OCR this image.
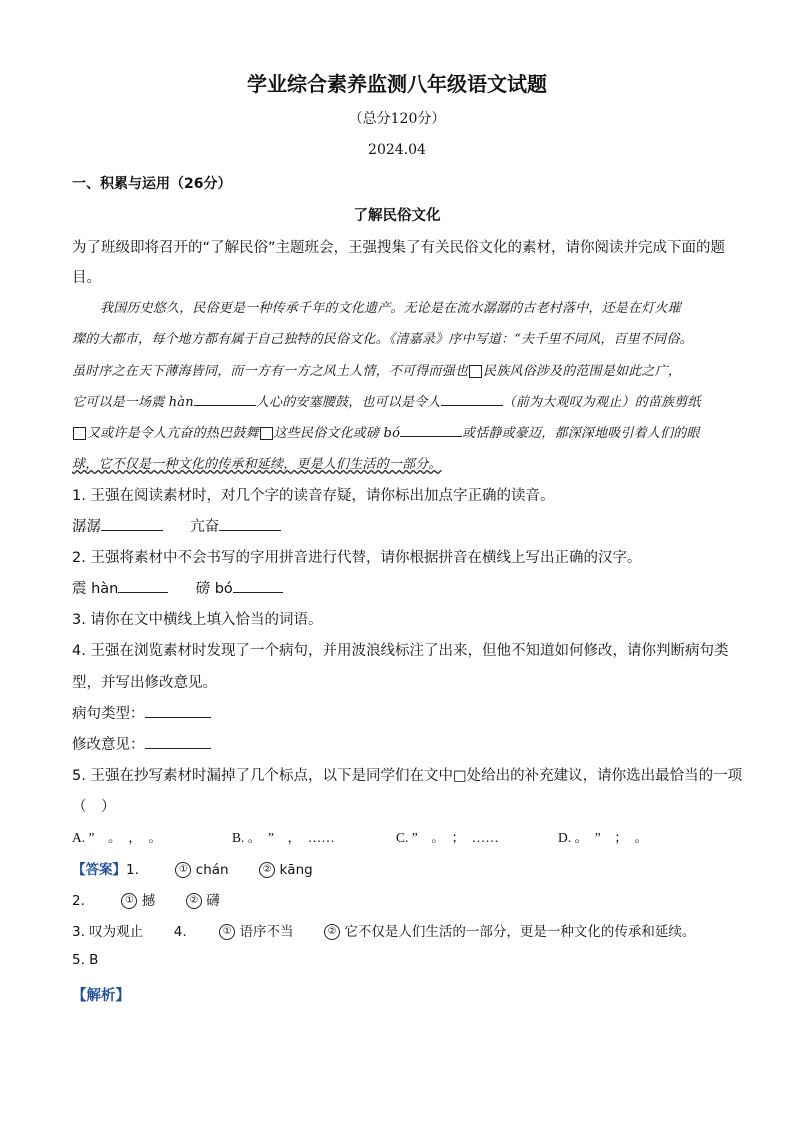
学业综合素养监测八年级语文试题
（总分120分）
2024.04
一、积累与运用（26分）
了解民俗文化
为了班级即将召开的“了解民俗”主题班会，王强搜集了有关民俗文化的素材，请你阅读并完成下面的题
目。
我国历史悠久，民俗更是一种传承千年的文化遗产。无论是在流水潺潺的古老村落中，还是在灯火璀
璨的大都市，每个地方都有属于自己独特的民俗文化。《清嘉录》序中写道：“夫千里不同风，百里不同俗。
虽时序之在天下薄海皆同，而一方有一方之风土人情，不可得而强也 民族风俗涉及的范围是如此之广，
它可以是一场震 hàn	人心的安塞腰鼓，也可以是令人	（前为大观叹为观止）的苗族剪纸
又或许是令人亢奋的热巴鼓舞 这些民俗文化或磅 bó	或恬静或豪迈，都深深地吸引着人们的眼
球，它不仅是一种文化的传承和延续，更是人们生活的一部分。
1. 王强在阅读素材时，对几个字的读音存疑，请你标出加点字正确的读音。
潺潺	亢奋
2. 王强将素材中不会书写的字用拼音进行代替，请你根据拼音在横线上写出正确的汉字。
震 hàn	磅 bó
3. 请你在文中横线上填入恰当的词语。
4. 王强在浏览素材时发现了一个病句，并用波浪线标注了出来，但他不知道如何修改，请你判断病句类
型，并写出修改意见。
病句类型：
修改意见：
5. 王强在抄写素材时漏掉了几个标点，以下是同学们在文中□处给出的补充建议，请你选出最恰当的一项
（　）
A. ”　。　，　。	B. 。　”　，　……	C. ”　。　；　……	D. 。　”　；　。
【答案】1.	① chán	② kāng
2.	① 撼	② 礴
3. 叹为观止 4.	① 语序不当	② 它不仅是人们生活的一部分，更是一种文化的传承和延续。
5. B
【解析】
